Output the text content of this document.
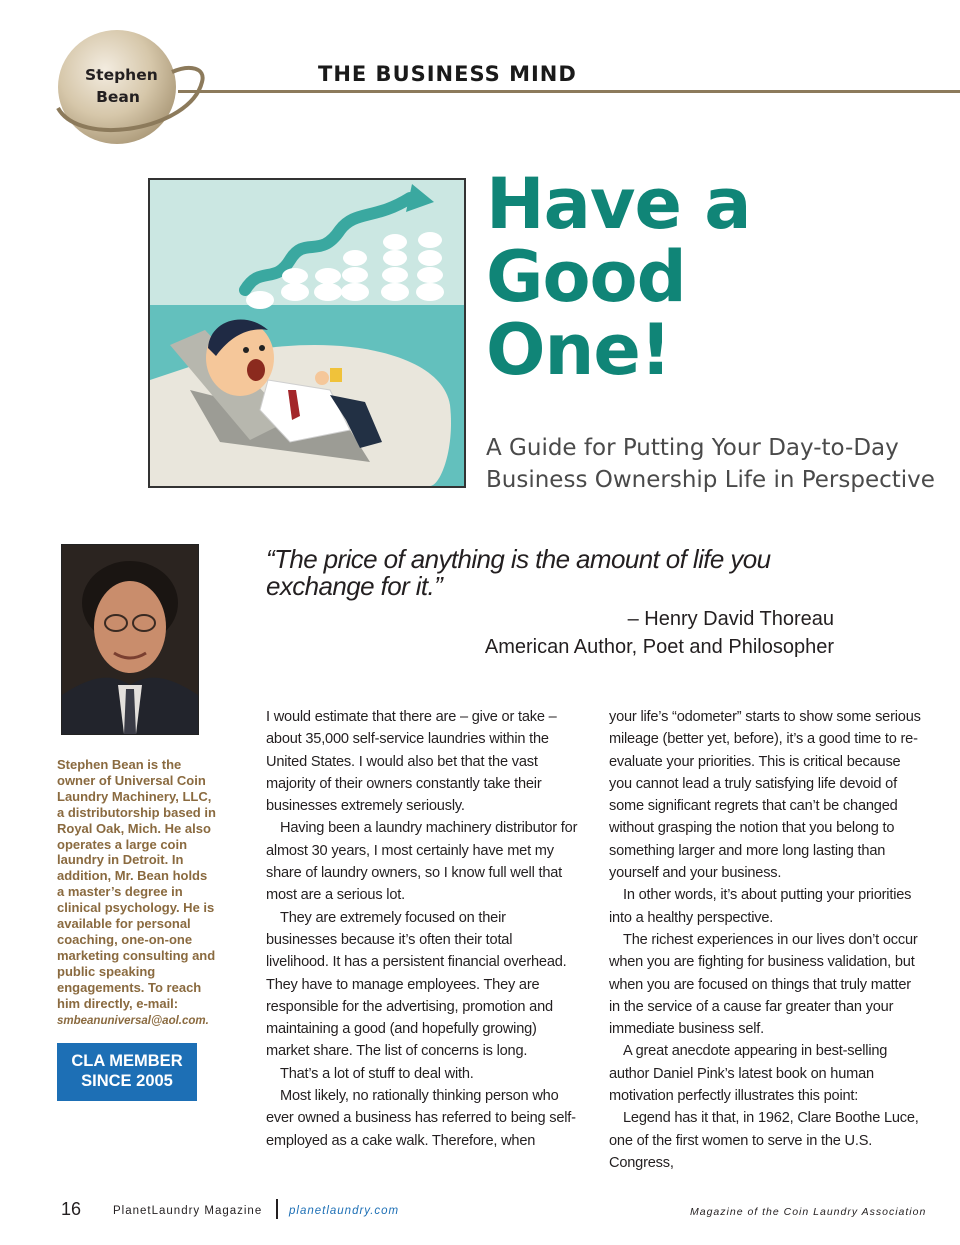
Stephen Bean
THE BUSINESS MIND
Have a
Good
One!
A Guide for Putting Your Day-to-Day
Business Ownership Life in Perspective
Stephen Bean is the owner of Universal Coin Laundry Machinery, LLC, a distributorship based in Royal Oak, Mich. He also operates a large coin laundry in Detroit. In addition, Mr. Bean holds a master’s degree in clinical psychology. He is available for personal coaching, one-on-one marketing consulting and public speaking engagements. To reach him directly, e-mail: smbeanuniversal@aol.com.
CLA MEMBER
SINCE 2005
“The price of anything is the amount of life you
exchange for it.”
– Henry David Thoreau
American Author, Poet and Philosopher

I would estimate that there are – give or take – about 35,000 self-service laundries within the United States. I would also bet that the vast majority of their owners constantly take their businesses extremely seriously.

Having been a laundry machinery distributor for almost 30 years, I most certainly have met my share of laundry owners, so I know full well that most are a serious lot.

They are extremely focused on their businesses because it’s often their total livelihood. It has a persistent financial overhead. They have to manage employees. They are responsible for the advertising, promotion and maintaining a good (and hopefully growing) market share. The list of concerns is long.

That’s a lot of stuff to deal with.

Most likely, no rationally thinking person who ever owned a business has referred to being self-employed as a cake walk. Therefore, when

your life’s “odometer” starts to show some serious mileage (better yet, before), it’s a good time to re-evaluate your priorities. This is critical because you cannot lead a truly satisfying life devoid of some significant regrets that can’t be changed without grasping the notion that you belong to something larger and more long lasting than yourself and your business.

In other words, it’s about putting your priorities into a healthy perspective.

The richest experiences in our lives don’t occur when you are fighting for business validation, but when you are focused on things that truly matter in the service of a cause far greater than your immediate business self.

A great anecdote appearing in best-selling author Daniel Pink’s latest book on human motivation perfectly illustrates this point:

Legend has it that, in 1962, Clare Boothe Luce, one of the first women to serve in the U.S. Congress,

16	PlanetLaundry Magazine planetlaundry.com	Magazine of the Coin Laundry Association
